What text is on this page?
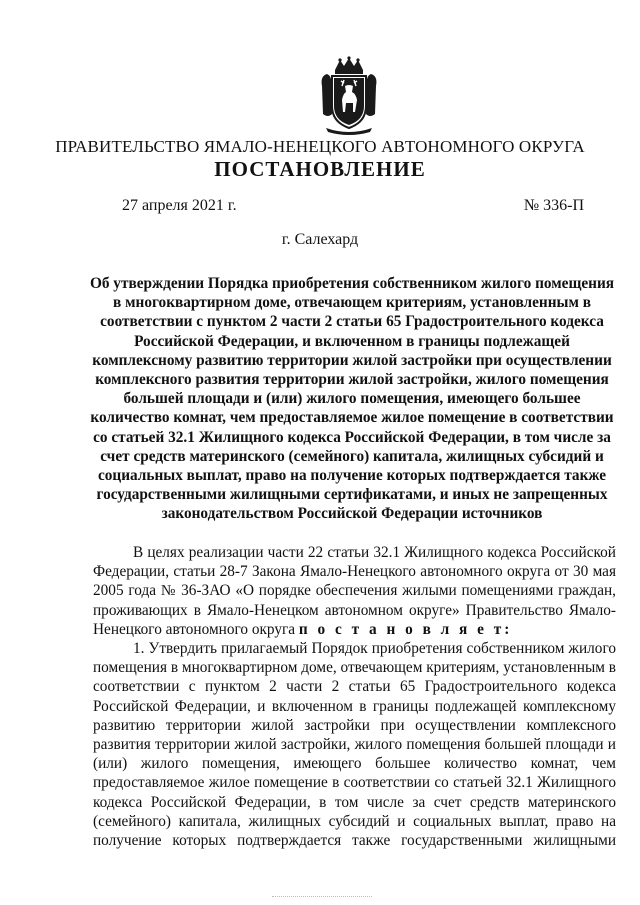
ПРАВИТЕЛЬСТВО ЯМАЛО-НЕНЕЦКОГО АВТОНОМНОГО ОКРУГА
ПОСТАНОВЛЕНИЕ
27 апреля 2021 г.	№ 336-П
г. Салехард
Об утверждении Порядка приобретения собственником жилого помещения
в многоквартирном доме, отвечающем критериям, установленным в
соответствии с пунктом 2 части 2 статьи 65 Градостроительного кодекса
Российской Федерации, и включенном в границы подлежащей
комплексному развитию территории жилой застройки при осуществлении
комплексного развития территории жилой застройки, жилого помещения
большей площади и (или) жилого помещения, имеющего большее
количество комнат, чем предоставляемое жилое помещение в соответствии
со статьей 32.1 Жилищного кодекса Российской Федерации, в том числе за
счет средств материнского (семейного) капитала, жилищных субсидий и
социальных выплат, право на получение которых подтверждается также
государственными жилищными сертификатами, и иных не запрещенных
законодательством Российской Федерации источников
В целях реализации части 22 статьи 32.1 Жилищного кодекса Российской
Федерации, статьи 28-7 Закона Ямало-Ненецкого автономного округа от 30 мая
2005 года № 36-ЗАО «О порядке обеспечения жилыми помещениями граждан,
проживающих в Ямало-Ненецком автономном округе» Правительство Ямало-
Ненецкого автономного округа п о с т а н о в л я е т:
1. Утвердить прилагаемый Порядок приобретения собственником жилого
помещения в многоквартирном доме, отвечающем критериям, установленным в
соответствии с пунктом 2 части 2 статьи 65 Градостроительного кодекса
Российской Федерации, и включенном в границы подлежащей комплексному
развитию территории жилой застройки при осуществлении комплексного
развития территории жилой застройки, жилого помещения большей площади и
(или) жилого помещения, имеющего большее количество комнат, чем
предоставляемое жилое помещение в соответствии со статьей 32.1 Жилищного
кодекса Российской Федерации, в том числе за счет средств материнского
(семейного) капитала, жилищных субсидий и социальных выплат, право на
получение которых подтверждается также государственными жилищными
